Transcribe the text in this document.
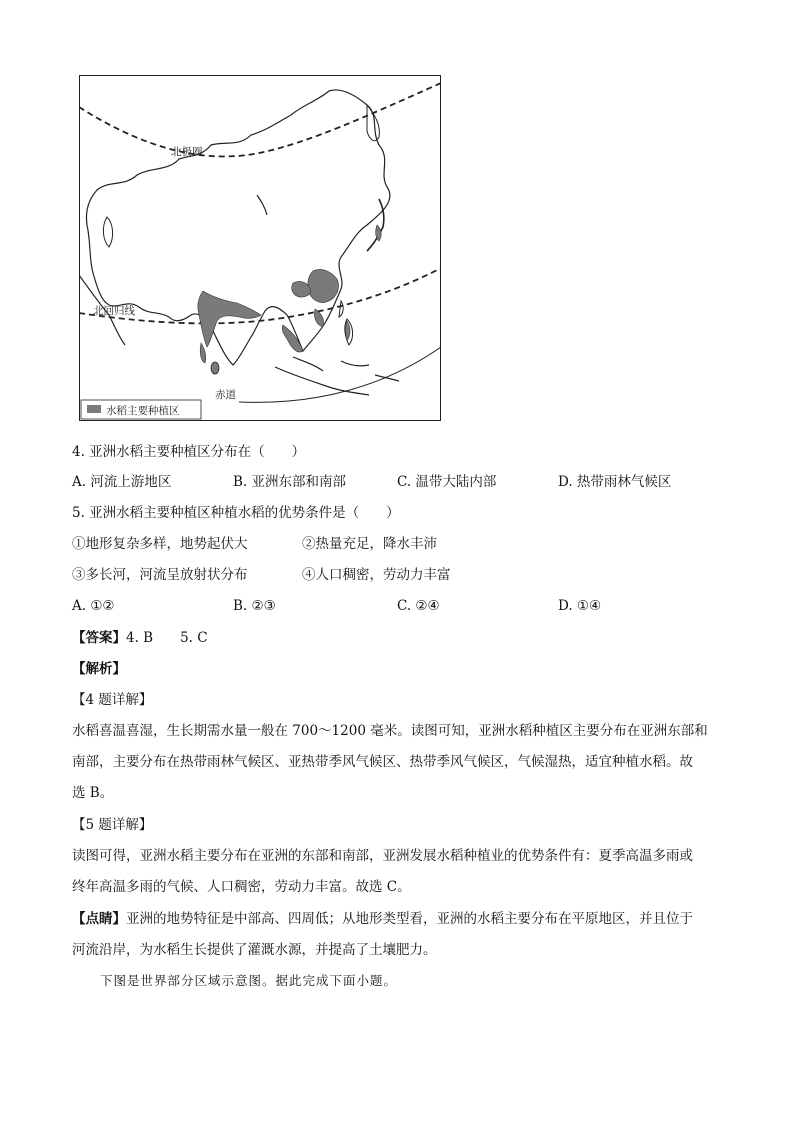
北极圈
北回归线
赤道
水稻主要种植区
4. 亚洲水稻主要种植区分布在（　　）
A. 河流上游地区	B. 亚洲东部和南部	C. 温带大陆内部	D. 热带雨林气候区
5. 亚洲水稻主要种植区种植水稻的优势条件是（　　）
①地形复杂多样，地势起伏大	②热量充足，降水丰沛
③多长河，河流呈放射状分布	④人口稠密，劳动力丰富
A. ①②	B. ②③	C. ②④	D. ①④
【答案】4. B　　5. C
【解析】
【4 题详解】
水稻喜温喜湿，生长期需水量一般在 700～1200 毫米。读图可知，亚洲水稻种植区主要分布在亚洲东部和
南部，主要分布在热带雨林气候区、亚热带季风气候区、热带季风气候区，气候湿热，适宜种植水稻。故
选 B。
【5 题详解】
读图可得，亚洲水稻主要分布在亚洲的东部和南部，亚洲发展水稻种植业的优势条件有：夏季高温多雨或
终年高温多雨的气候、人口稠密，劳动力丰富。故选 C。
【点睛】亚洲的地势特征是中部高、四周低；从地形类型看，亚洲的水稻主要分布在平原地区，并且位于
河流沿岸，为水稻生长提供了灌溉水源，并提高了土壤肥力。
下图是世界部分区域示意图。据此完成下面小题。
